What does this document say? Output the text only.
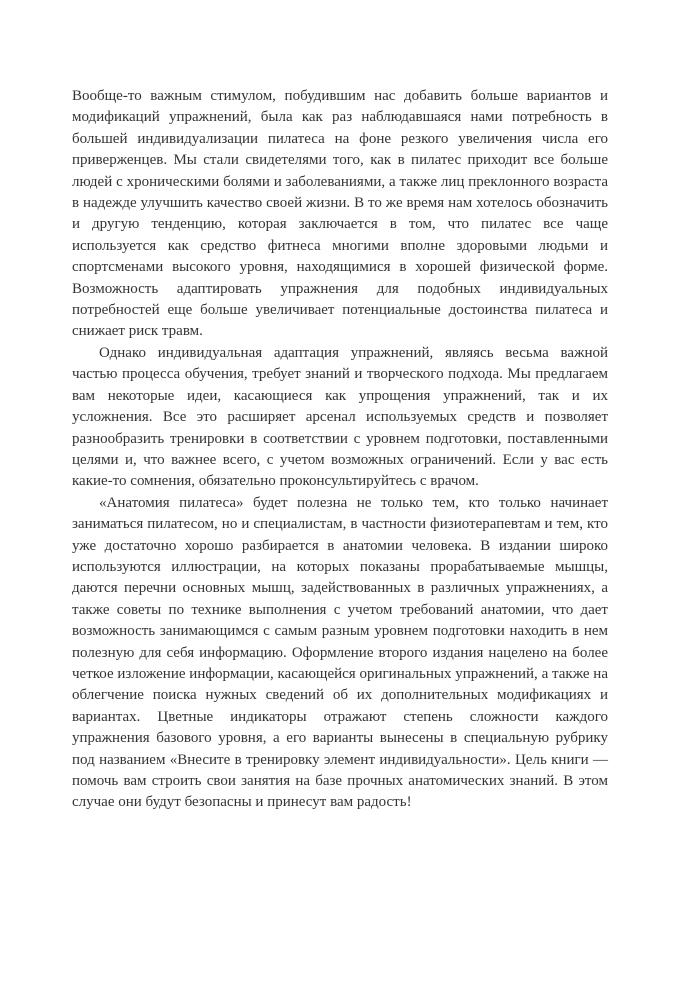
Вообще-то важным стимулом, побудившим нас добавить больше вариантов и модификаций упражнений, была как раз наблюдавшаяся нами потребность в большей индивидуализации пилатеса на фоне резкого увеличения числа его приверженцев. Мы стали свидетелями того, как в пилатес приходит все больше людей с хроническими болями и заболеваниями, а также лиц преклонного возраста в надежде улучшить качество своей жизни. В то же время нам хотелось обозначить и другую тенденцию, которая заключается в том, что пилатес все чаще используется как средство фитнеса многими вполне здоровыми людьми и спортсменами высокого уровня, находящимися в хорошей физической форме. Возможность адаптировать упражнения для подобных индивидуальных потребностей еще больше увеличивает потенциальные достоинства пилатеса и снижает риск травм.

Однако индивидуальная адаптация упражнений, являясь весьма важной частью процесса обучения, требует знаний и творческого подхода. Мы предлагаем вам некоторые идеи, касающиеся как упрощения упражнений, так и их усложнения. Все это расширяет арсенал используемых средств и позволяет разнообразить тренировки в соответствии с уровнем подготовки, поставленными целями и, что важнее всего, с учетом возможных ограничений. Если у вас есть какие-то сомнения, обязательно проконсультируйтесь с врачом.

«Анатомия пилатеса» будет полезна не только тем, кто только начинает заниматься пилатесом, но и специалистам, в частности физиотерапевтам и тем, кто уже достаточно хорошо разбирается в анатомии человека. В издании широко используются иллюстрации, на которых показаны прорабатываемые мышцы, даются перечни основных мышц, задействованных в различных упражнениях, а также советы по технике выполнения с учетом требований анатомии, что дает возможность занимающимся с самым разным уровнем подготовки находить в нем полезную для себя информацию. Оформление второго издания нацелено на более четкое изложение информации, касающейся оригинальных упражнений, а также на облегчение поиска нужных сведений об их дополнительных модификациях и вариантах. Цветные индикаторы отражают степень сложности каждого упражнения базового уровня, а его варианты вынесены в специальную рубрику под названием «Внесите в тренировку элемент индивидуальности». Цель книги — помочь вам строить свои занятия на базе прочных анатомических знаний. В этом случае они будут безопасны и принесут вам радость!
